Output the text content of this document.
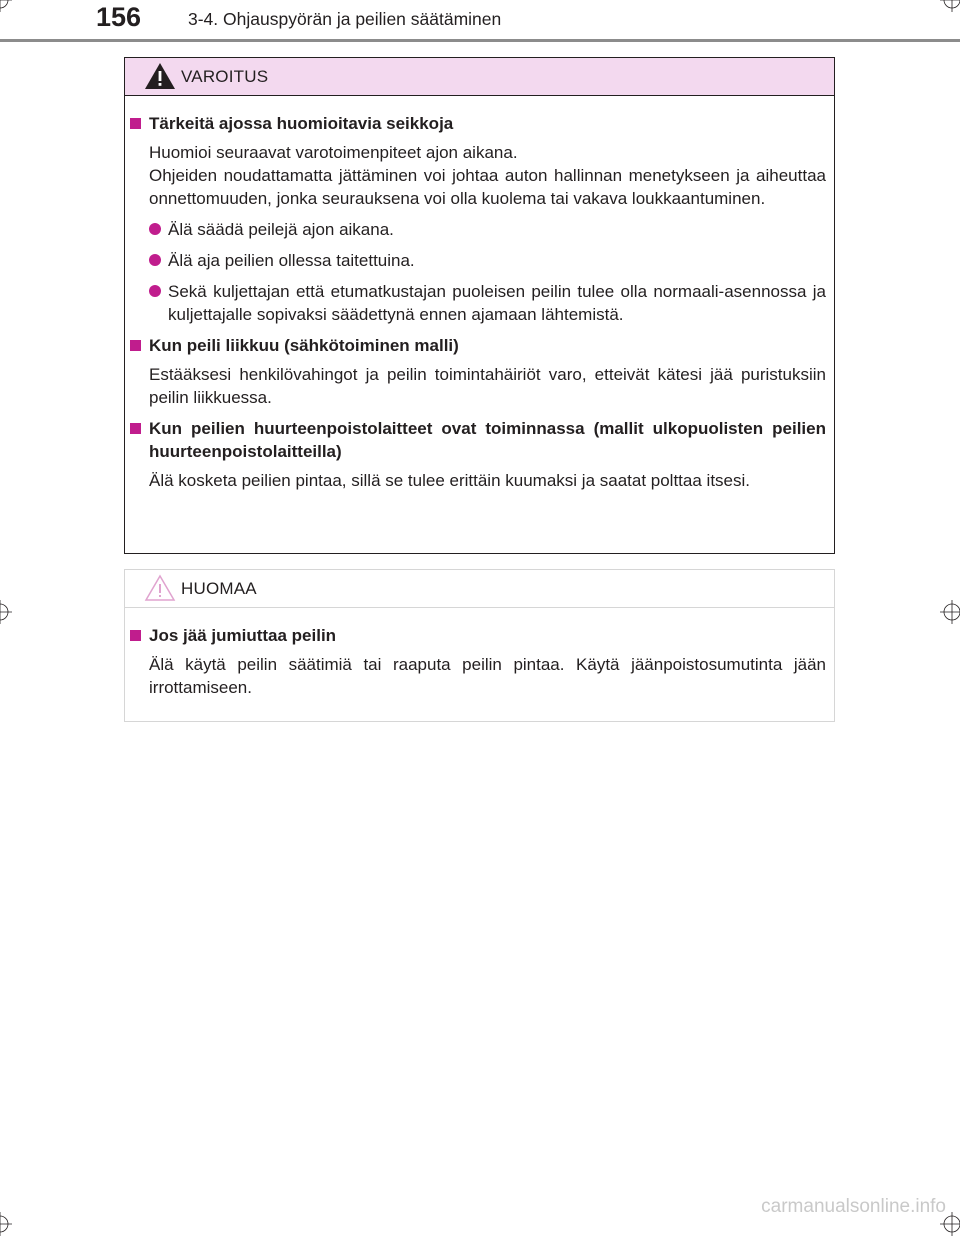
156	3-4. Ohjauspyörän ja peilien säätäminen
VAROITUS
Tärkeitä ajossa huomioitavia seikkoja
Huomioi seuraavat varotoimenpiteet ajon aikana.
Ohjeiden noudattamatta jättäminen voi johtaa auton hallinnan menetykseen ja aiheuttaa onnettomuuden, jonka seurauksena voi olla kuolema tai vakava loukkaantuminen.
Älä säädä peilejä ajon aikana.
Älä aja peilien ollessa taitettuina.
Sekä kuljettajan että etumatkustajan puoleisen peilin tulee olla normaali-asennossa ja kuljettajalle sopivaksi säädettynä ennen ajamaan lähtemistä.
Kun peili liikkuu (sähkötoiminen malli)
Estääksesi henkilövahingot ja peilin toimintahäiriöt varo, etteivät kätesi jää puristuksiin peilin liikkuessa.
Kun peilien huurteenpoistolaitteet ovat toiminnassa (mallit ulkopuolisten peilien huurteenpoistolaitteilla)
Älä kosketa peilien pintaa, sillä se tulee erittäin kuumaksi ja saatat polttaa itsesi.
HUOMAA
Jos jää jumiuttaa peilin
Älä käytä peilin säätimiä tai raaputa peilin pintaa. Käytä jäänpoistosumutinta jään irrottamiseen.
carmanualsonline.info
